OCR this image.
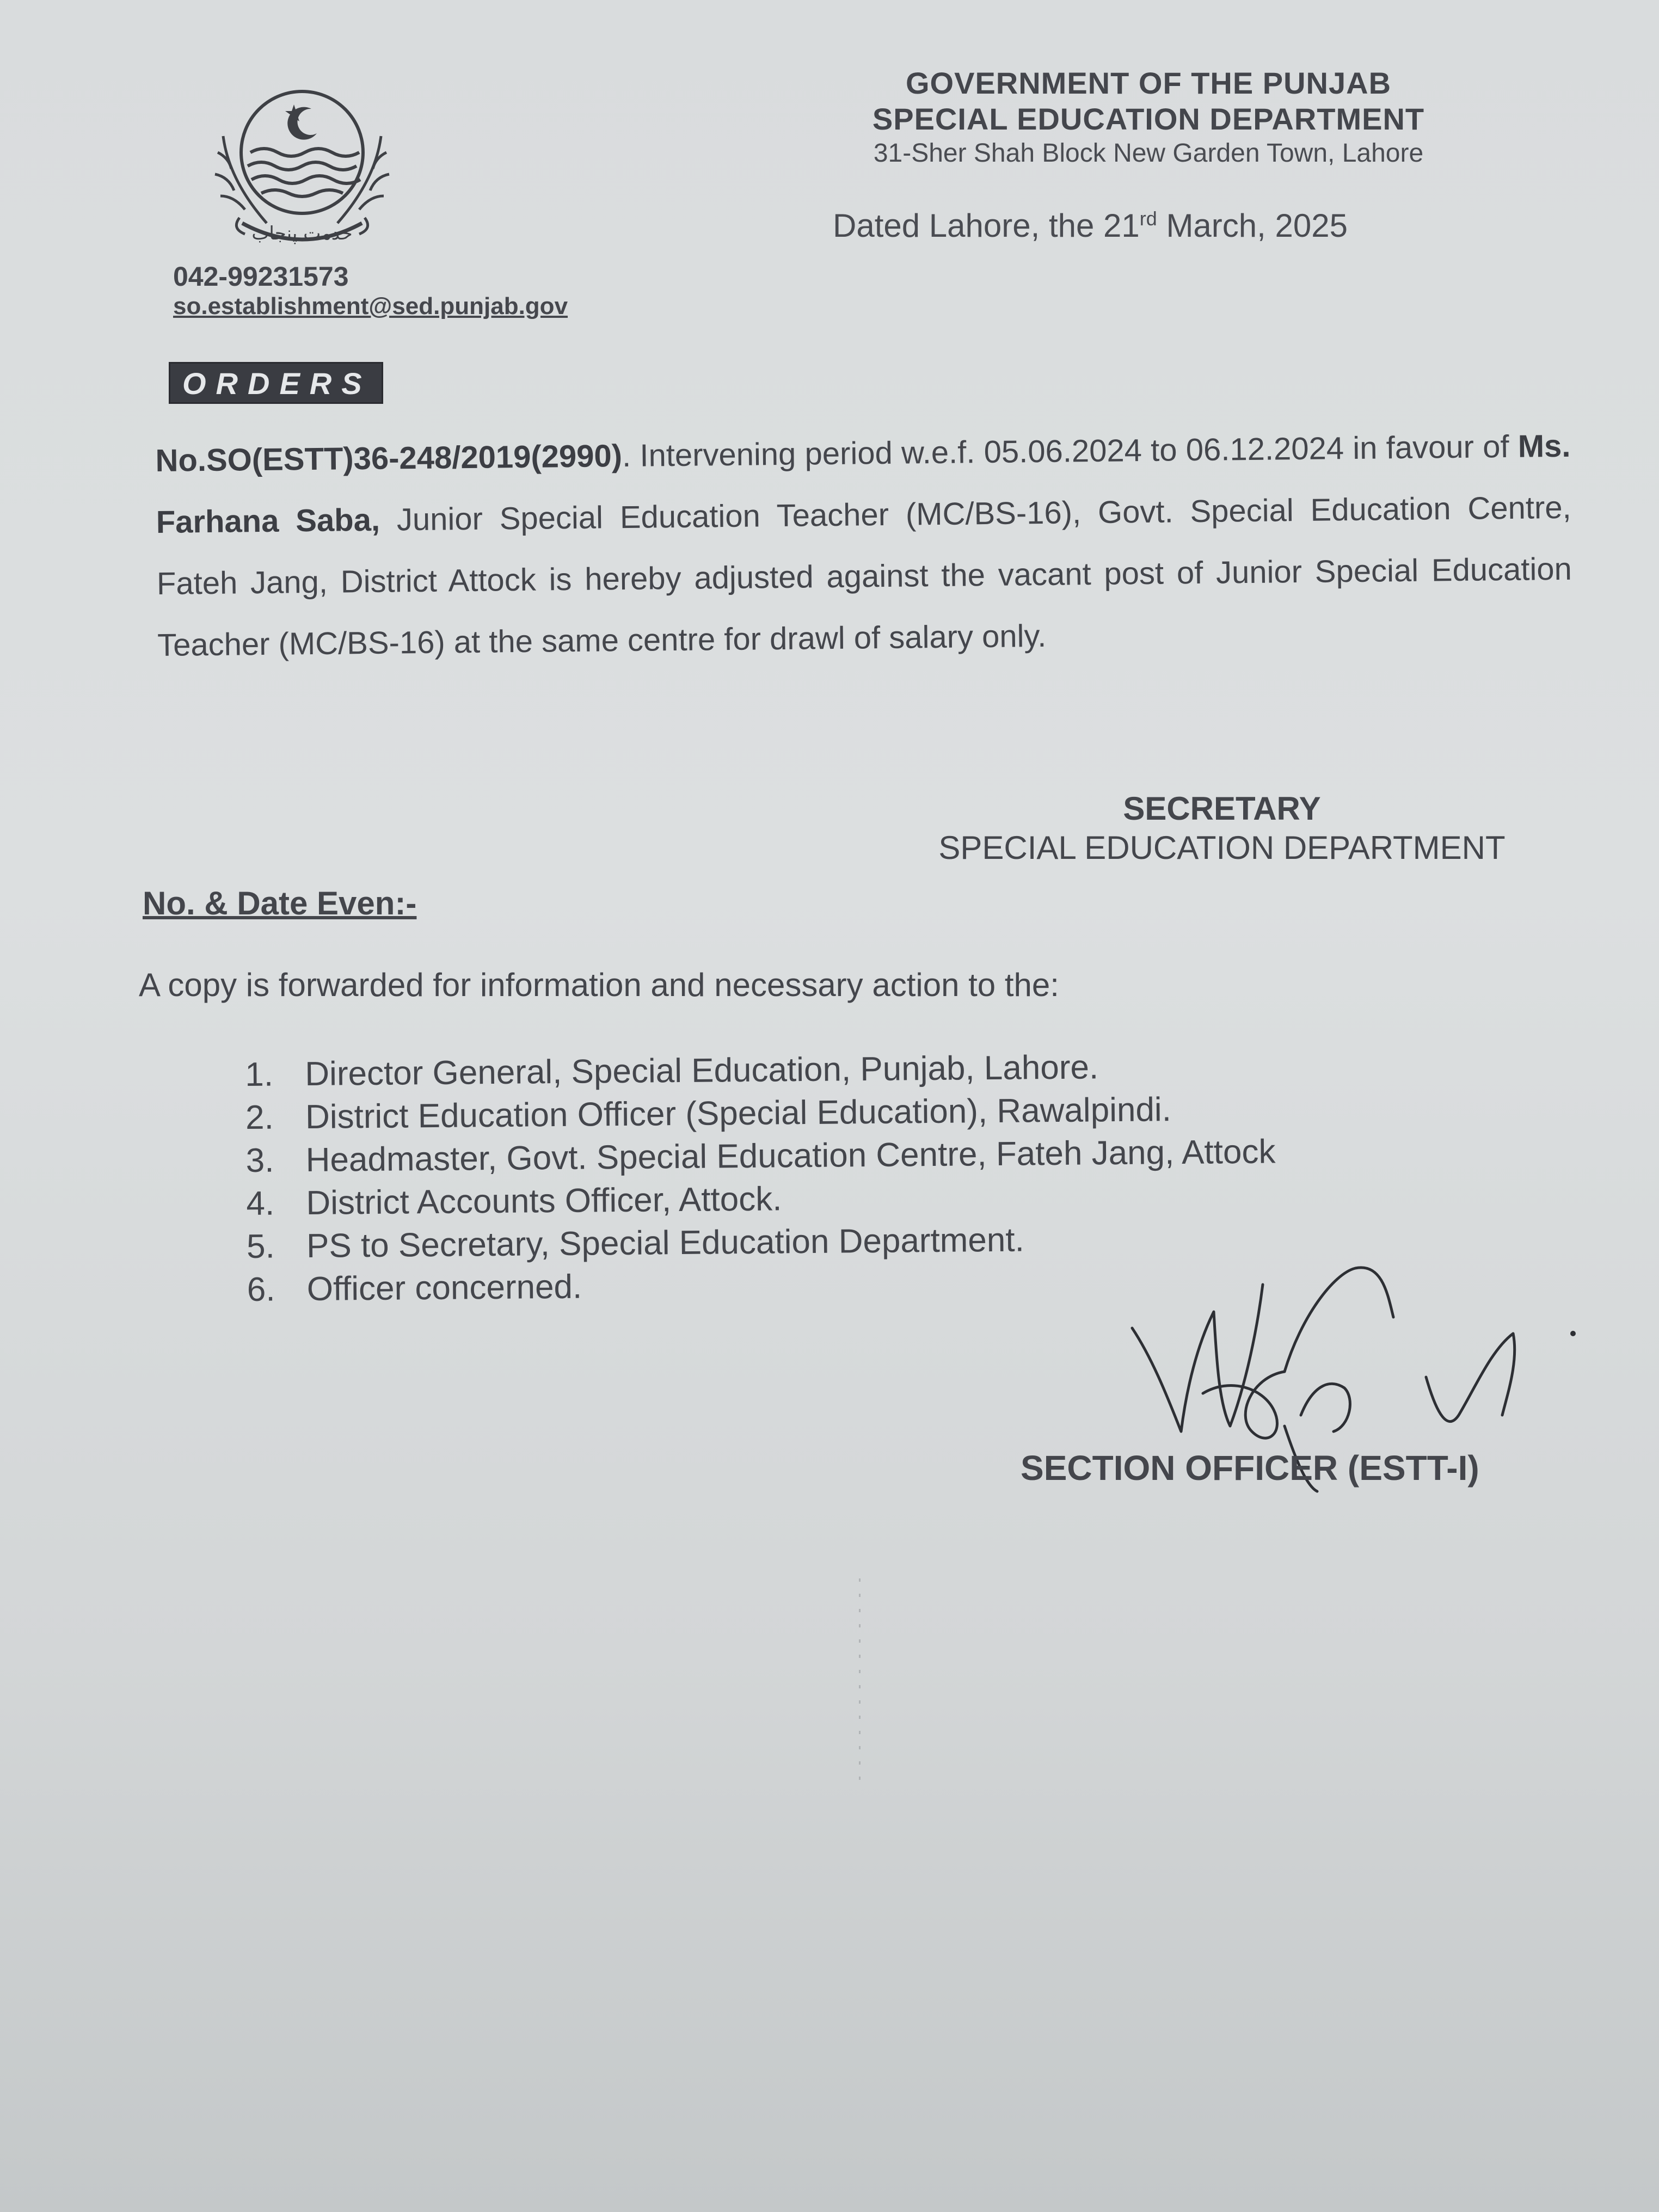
خدمت پنجاب
GOVERNMENT OF THE PUNJAB
SPECIAL EDUCATION DEPARTMENT
31-Sher Shah Block New Garden Town, Lahore
Dated Lahore, the 21rd March, 2025
042-99231573
so.establishment@sed.punjab.gov
ORDERS
No.SO(ESTT)36-248/2019(2990). Intervening period w.e.f. 05.06.2024 to 06.12.2024 in favour of Ms. Farhana Saba, Junior Special Education Teacher (MC/BS-16), Govt. Special Education Centre, Fateh Jang, District Attock is hereby adjusted against the vacant post of Junior Special Education Teacher (MC/BS-16) at the same centre for drawl of salary only.
SECRETARY
SPECIAL EDUCATION DEPARTMENT
No. & Date Even:-
A copy is forwarded for information and necessary action to the:
1. Director General, Special Education, Punjab, Lahore.
2. District Education Officer (Special Education), Rawalpindi.
3. Headmaster, Govt. Special Education Centre, Fateh Jang, Attock
4. District Accounts Officer, Attock.
5. PS to Secretary, Special Education Department.
6. Officer concerned.
SECTION OFFICER (ESTT-I)
